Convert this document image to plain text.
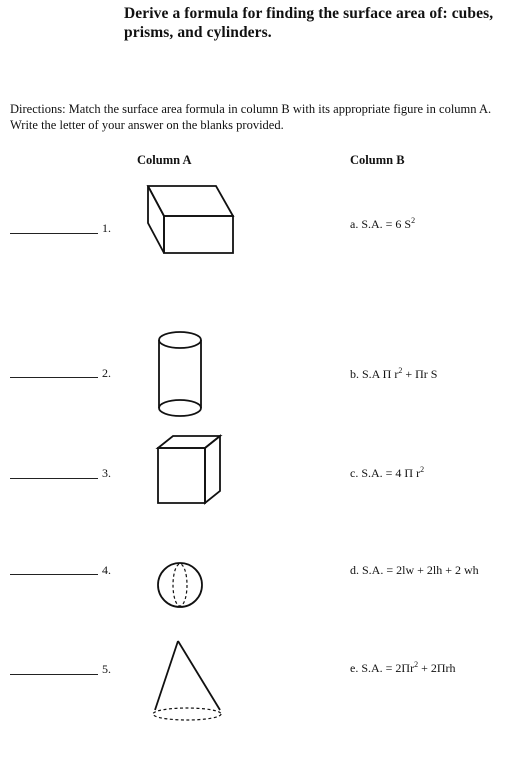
Derive a formula for finding the surface area of: cubes, prisms, and cylinders.
Directions: Match the surface area formula in column B with its appropriate figure in column A. Write the letter of your answer on the blanks provided.
Column A	Column B
1.	a. S.A. = 6 $S^2$
2.	b. S.A Π $r^2 + \Pi r$ S
3.	c. S.A. = 4 Π $r^2$
4.	d. S.A. = 2lw + 2lh + 2 wh
5.	e. S.A. = $2\Pi r^2 + 2\Pi rh$
